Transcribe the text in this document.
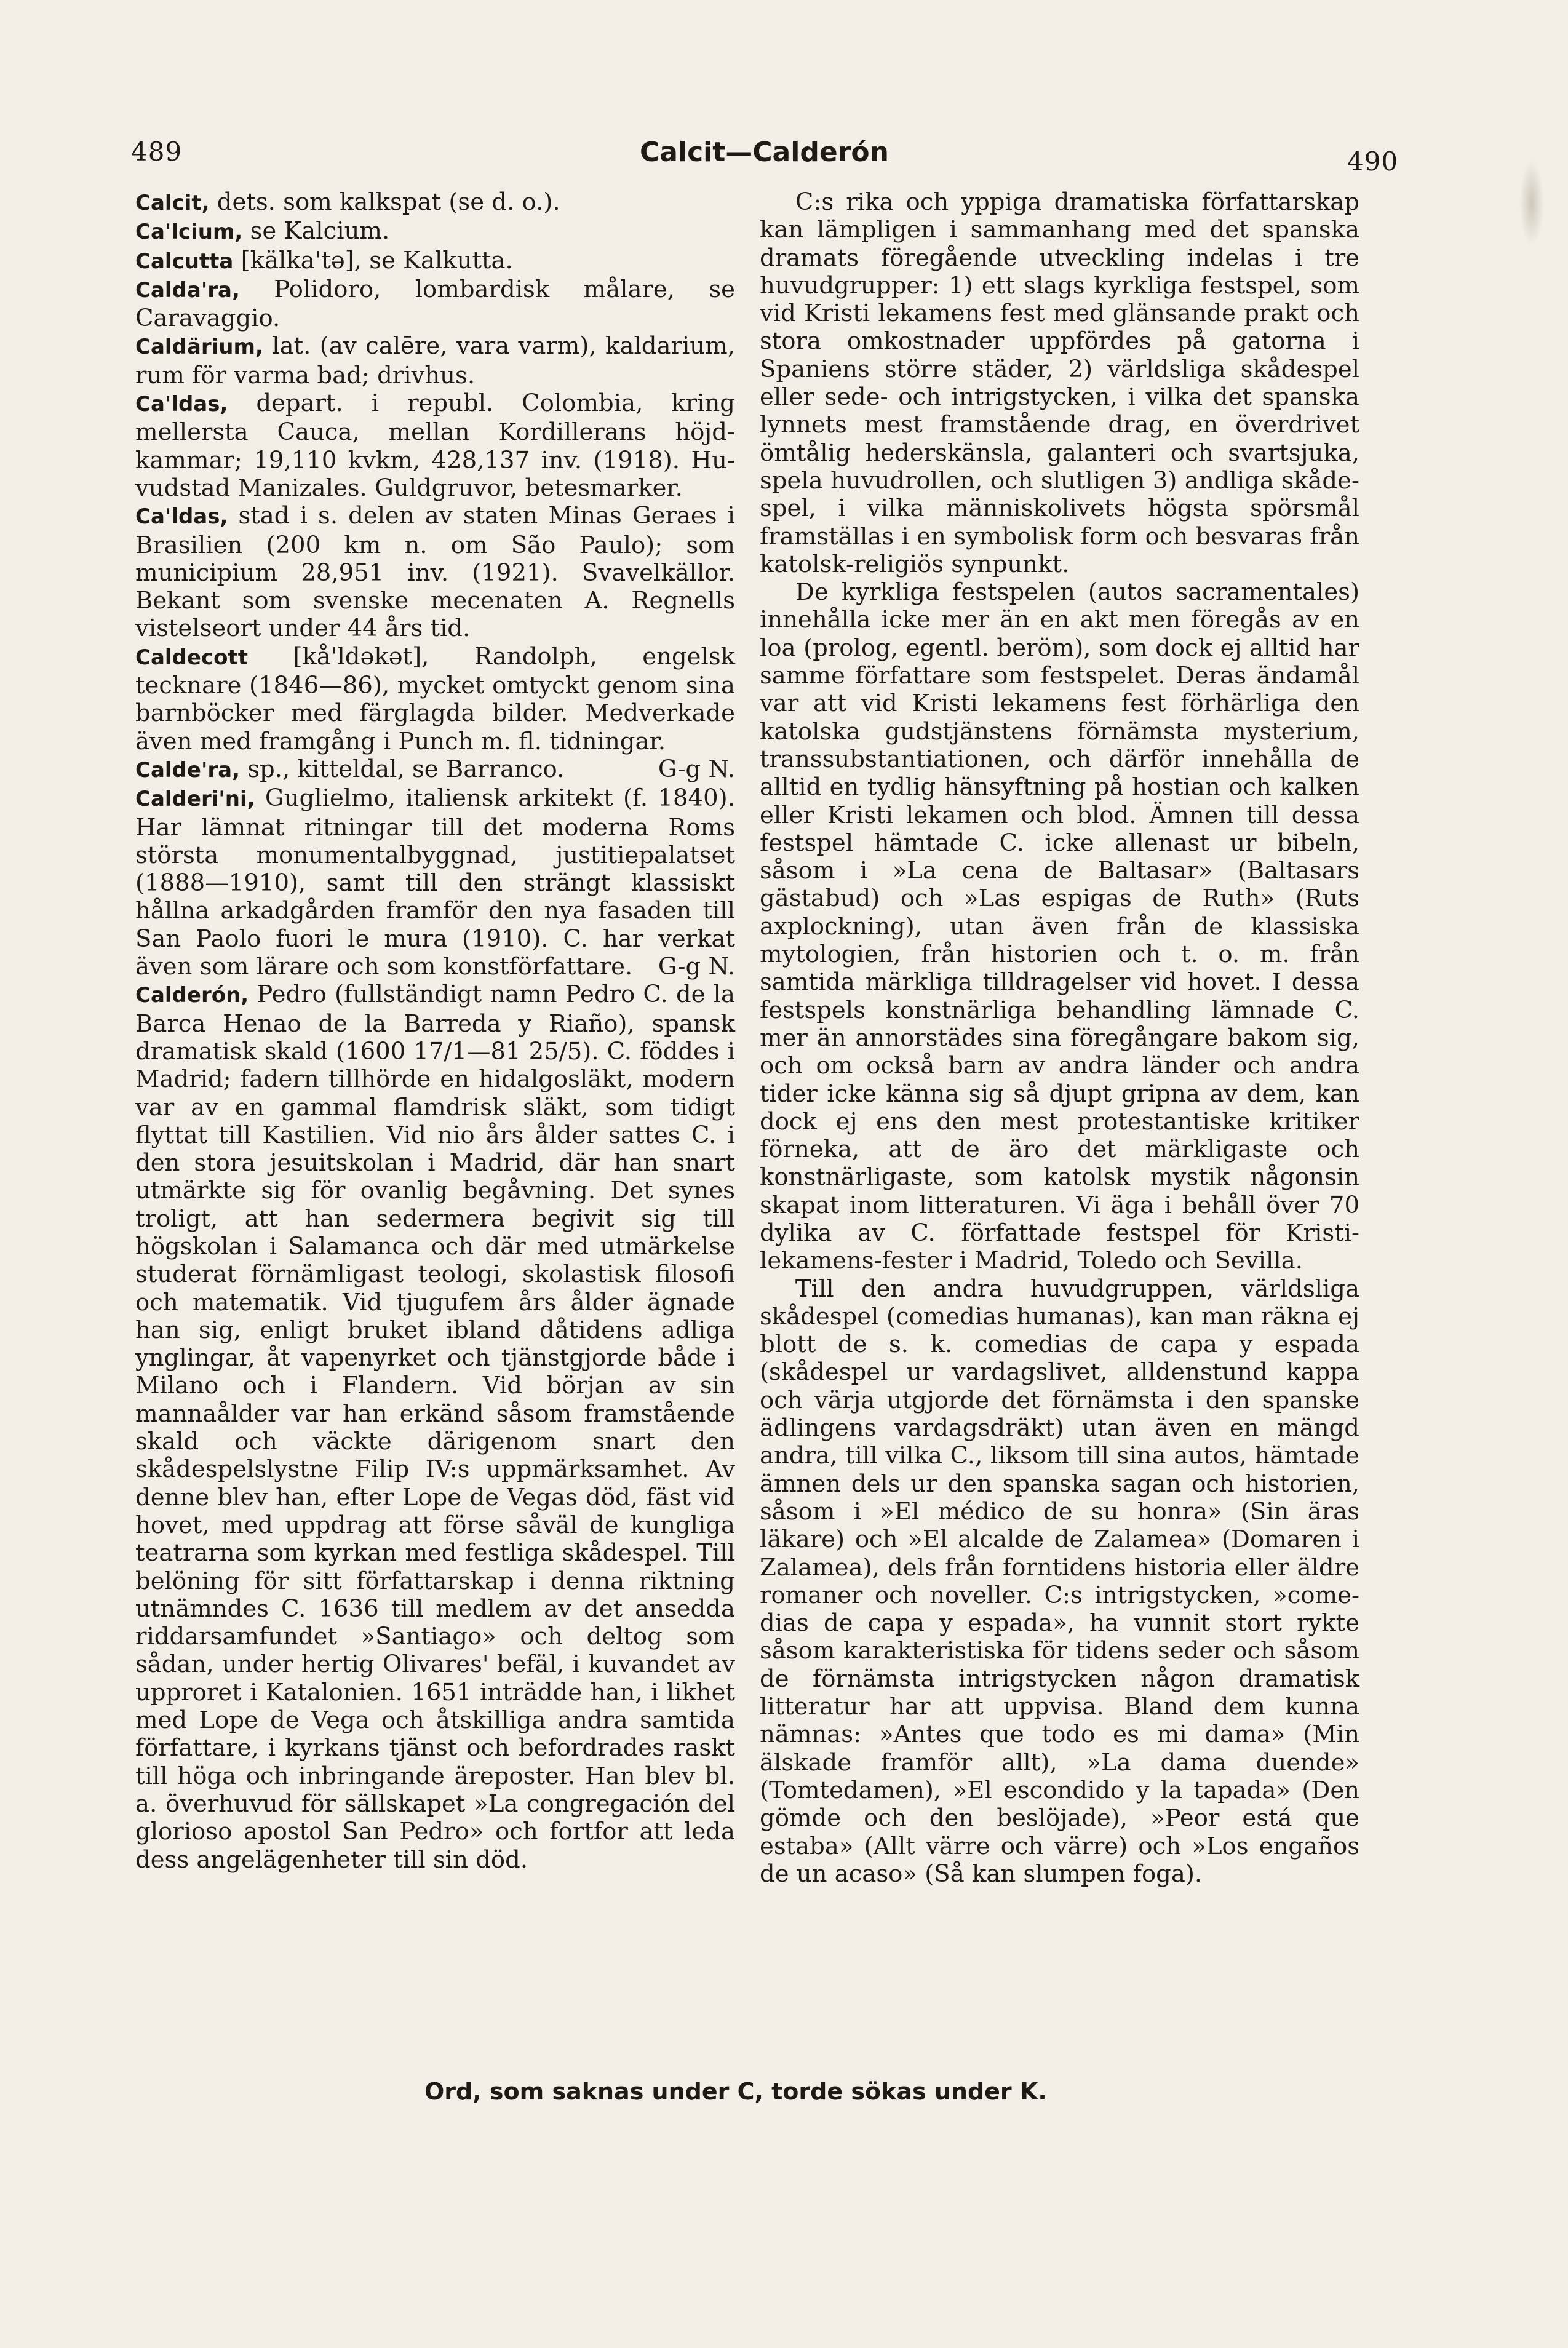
489	Calcit—Calderón	490

Calcit, dets. som kalkspat (se d. o.).

Ca'lcium, se Kalcium.

Calcutta [kälka'tə], se Kalkutta.

Calda'ra, Polidoro, lombardisk målare, se Caravaggio.

Caldärium, lat. (av calēre, vara varm), kaldarium, rum för varma bad; drivhus.

Ca'ldas, depart. i republ. Colombia, kring mellersta Cauca, mellan Kordillerans höjdkammar; 19,110 kvkm, 428,137 inv. (1918). Huvudstad Manizales. Guldgruvor, betesmarker.

Ca'ldas, stad i s. delen av staten Minas Geraes i Brasilien (200 km n. om São Paulo); som municipium 28,951 inv. (1921). Svavelkällor. Bekant som svenske mecenaten A. Regnells vistelseort under 44 års tid.

Caldecott [kå'ldəkət], Randolph, engelsk tecknare (1846—86), mycket omtyckt genom sina barnböcker med färglagda bilder. Medverkade även med framgång i Punch m. fl. tidningar.
G-g N.

Calde'ra, sp., kitteldal, se Barranco.

Calderi'ni, Guglielmo, italiensk arkitekt (f. 1840). Har lämnat ritningar till det moderna Roms största monumentalbyggnad, justitiepalatset (1888—1910), samt till den strängt klassiskt hållna arkadgården framför den nya fasaden till San Paolo fuori le mura (1910). C. har verkat även som lärare och som konstförfattare. G-g N.

Calderón, Pedro (fullständigt namn Pedro C. de la Barca Henao de la Barreda y Riaño), spansk dramatisk skald (1600 17/1—81 25/5). C. föddes i Madrid; fadern tillhörde en hidalgosläkt, modern var av en gammal flamdrisk släkt, som tidigt flyttat till Kastilien. Vid nio års ålder sattes C. i den stora jesuitskolan i Madrid, där han snart utmärkte sig för ovanlig begåvning. Det synes troligt, att han sedermera begivit sig till högskolan i Salamanca och där med utmärkelse studerat förnämligast teologi, skolastisk filosofi och matematik. Vid tjugufem års ålder ägnade han sig, enligt bruket ibland dåtidens adliga ynglingar, åt vapenyrket och tjänstgjorde både i Milano och i Flandern. Vid början av sin mannaålder var han erkänd såsom framstående skald och väckte därigenom snart den skådespelslystne Filip IV:s uppmärksamhet. Av denne blev han, efter Lope de Vegas död, fäst vid hovet, med uppdrag att förse såväl de kungliga teatrarna som kyrkan med festliga skådespel. Till belöning för sitt författarskap i denna riktning utnämndes C. 1636 till medlem av det ansedda riddarsamfundet »Santiago» och deltog som sådan, under hertig Olivares' befäl, i kuvandet av upproret i Katalonien. 1651 inträdde han, i likhet med Lope de Vega och åtskilliga andra samtida författare, i kyrkans tjänst och befordrades raskt till höga och inbringande äreposter. Han blev bl. a. överhuvud för sällskapet »La congregación del glorioso apostol San Pedro» och fortfor att leda dess angelägenheter till sin död.

C:s rika och yppiga dramatiska författarskap kan lämpligen i sammanhang med det spanska dramats föregående utveckling indelas i tre huvudgrupper: 1) ett slags kyrkliga festspel, som vid Kristi lekamens fest med glänsande prakt och stora omkostnader uppfördes på gatorna i Spaniens större städer, 2) världsliga skådespel eller sede- och intrigstycken, i vilka det spanska lynnets mest framstående drag, en överdrivet ömtålig hederskänsla, galanteri och svartsjuka, spela huvudrollen, och slutligen 3) andliga skådespel, i vilka människolivets högsta spörsmål framställas i en symbolisk form och besvaras från katolsk-religiös synpunkt.

De kyrkliga festspelen (autos sacramentales) innehålla icke mer än en akt men föregås av en loa (prolog, egentl. beröm), som dock ej alltid har samme författare som festspelet. Deras ändamål var att vid Kristi lekamens fest förhärliga den katolska gudstjänstens förnämsta mysterium, transsubstantiationen, och därför innehålla de alltid en tydlig hänsyftning på hostian och kalken eller Kristi lekamen och blod. Ämnen till dessa festspel hämtade C. icke allenast ur bibeln, såsom i »La cena de Baltasar» (Baltasars gästabud) och »Las espigas de Ruth» (Ruts axplockning), utan även från de klassiska mytologien, från historien och t. o. m. från samtida märkliga tilldragelser vid hovet. I dessa festspels konstnärliga behandling lämnade C. mer än annorstädes sina föregångare bakom sig, och om också barn av andra länder och andra tider icke känna sig så djupt gripna av dem, kan dock ej ens den mest protestantiske kritiker förneka, att de äro det märkligaste och konstnärligaste, som katolsk mystik någonsin skapat inom litteraturen. Vi äga i behåll över 70 dylika av C. författade festspel för Kristi-lekamens-fester i Madrid, Toledo och Sevilla.

Till den andra huvudgruppen, världsliga skådespel (comedias humanas), kan man räkna ej blott de s. k. comedias de capa y espada (skådespel ur vardagslivet, alldenstund kappa och värja utgjorde det förnämsta i den spanske ädlingens vardagsdräkt) utan även en mängd andra, till vilka C., liksom till sina autos, hämtade ämnen dels ur den spanska sagan och historien, såsom i »El médico de su honra» (Sin äras läkare) och »El alcalde de Zalamea» (Domaren i Zalamea), dels från forntidens historia eller äldre romaner och noveller. C:s intrigstycken, »comedias de capa y espada», ha vunnit stort rykte såsom karakteristiska för tidens seder och såsom de förnämsta intrigstycken någon dramatisk litteratur har att uppvisa. Bland dem kunna nämnas: »Antes que todo es mi dama» (Min älskade framför allt), »La dama duende» (Tomtedamen), »El escondido y la tapada» (Den gömde och den beslöjade), »Peor está que estaba» (Allt värre och värre) och »Los engaños de un acaso» (Så kan slumpen foga).

Ord, som saknas under C, torde sökas under K.
